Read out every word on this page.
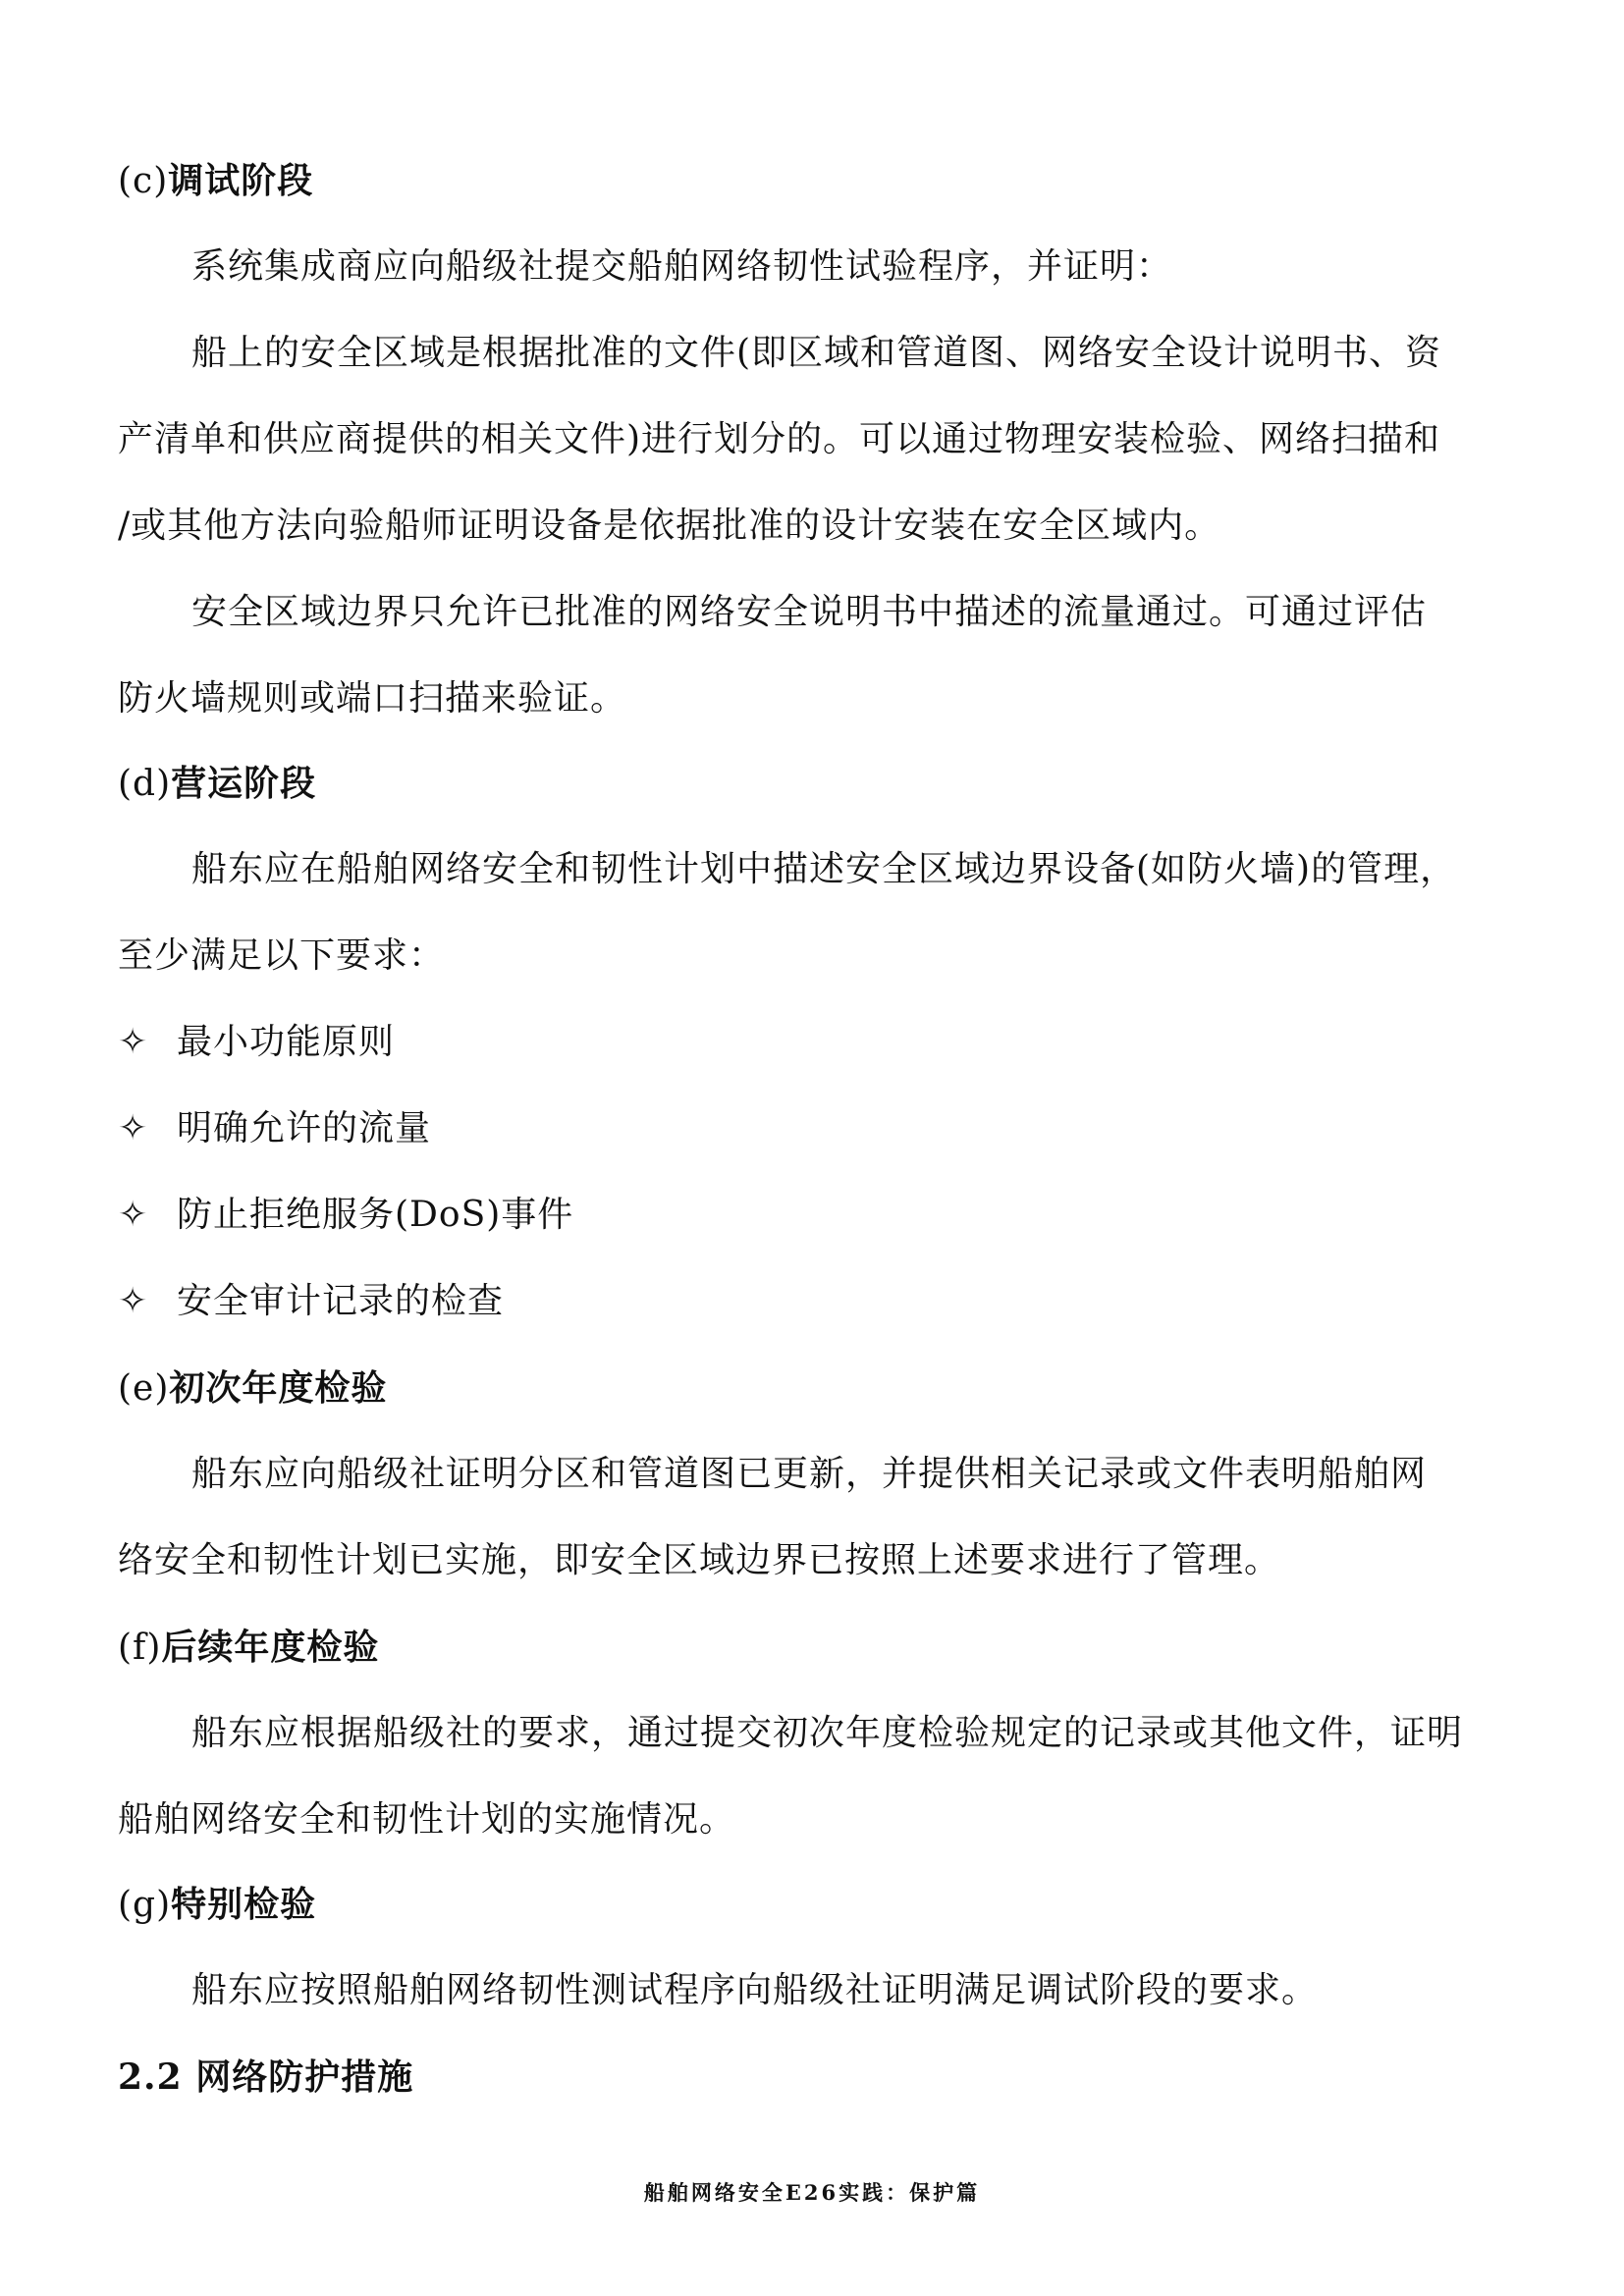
(c)调试阶段
系统集成商应向船级社提交船舶网络韧性试验程序，并证明：
船上的安全区域是根据批准的文件(即区域和管道图、网络安全设计说明书、资
产清单和供应商提供的相关文件)进行划分的。可以通过物理安装检验、网络扫描和
/或其他方法向验船师证明设备是依据批准的设计安装在安全区域内。
安全区域边界只允许已批准的网络安全说明书中描述的流量通过。可通过评估
防火墙规则或端口扫描来验证。
(d)营运阶段
船东应在船舶网络安全和韧性计划中描述安全区域边界设备(如防火墙)的管理，
至少满足以下要求：
✧ 最小功能原则
✧ 明确允许的流量
✧ 防止拒绝服务(DoS)事件
✧ 安全审计记录的检查
(e)初次年度检验
船东应向船级社证明分区和管道图已更新，并提供相关记录或文件表明船舶网
络安全和韧性计划已实施，即安全区域边界已按照上述要求进行了管理。
(f)后续年度检验
船东应根据船级社的要求，通过提交初次年度检验规定的记录或其他文件，证明
船舶网络安全和韧性计划的实施情况。
(g)特别检验
船东应按照船舶网络韧性测试程序向船级社证明满足调试阶段的要求。
2.2 网络防护措施
船舶网络安全E26实践：保护篇
